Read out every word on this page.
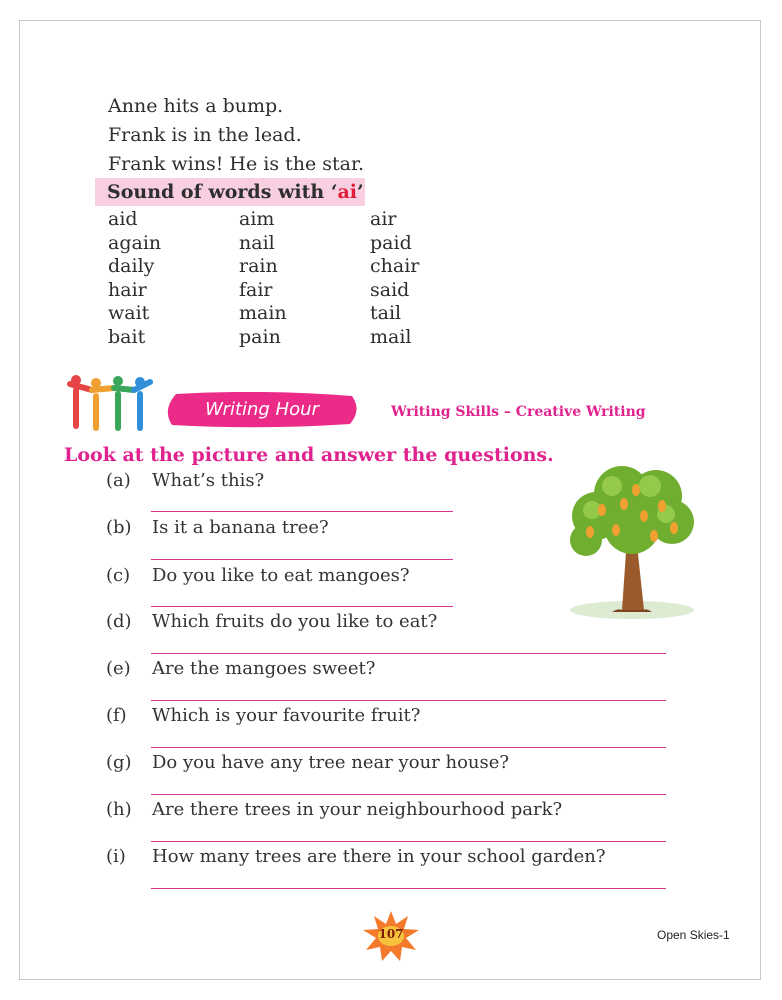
Anne hits a bump.
Frank is in the lead.
Frank wins! He is the star.
Sound of words with ‘ai’
aid
again
daily
hair
wait
bait
aim
nail
rain
fair
main
pain
air
paid
chair
said
tail
mail
Writing Hour	Writing Skills – Creative Writing
Look at the picture and answer the questions.
(a) What’s this?
(b) Is it a banana tree?
(c) Do you like to eat mangoes?
(d) Which fruits do you like to eat?
(e) Are the mangoes sweet?
(f) Which is your favourite fruit?
(g) Do you have any tree near your house?
(h) Are there trees in your neighbourhood park?
(i) How many trees are there in your school garden?
107	Open Skies-1
